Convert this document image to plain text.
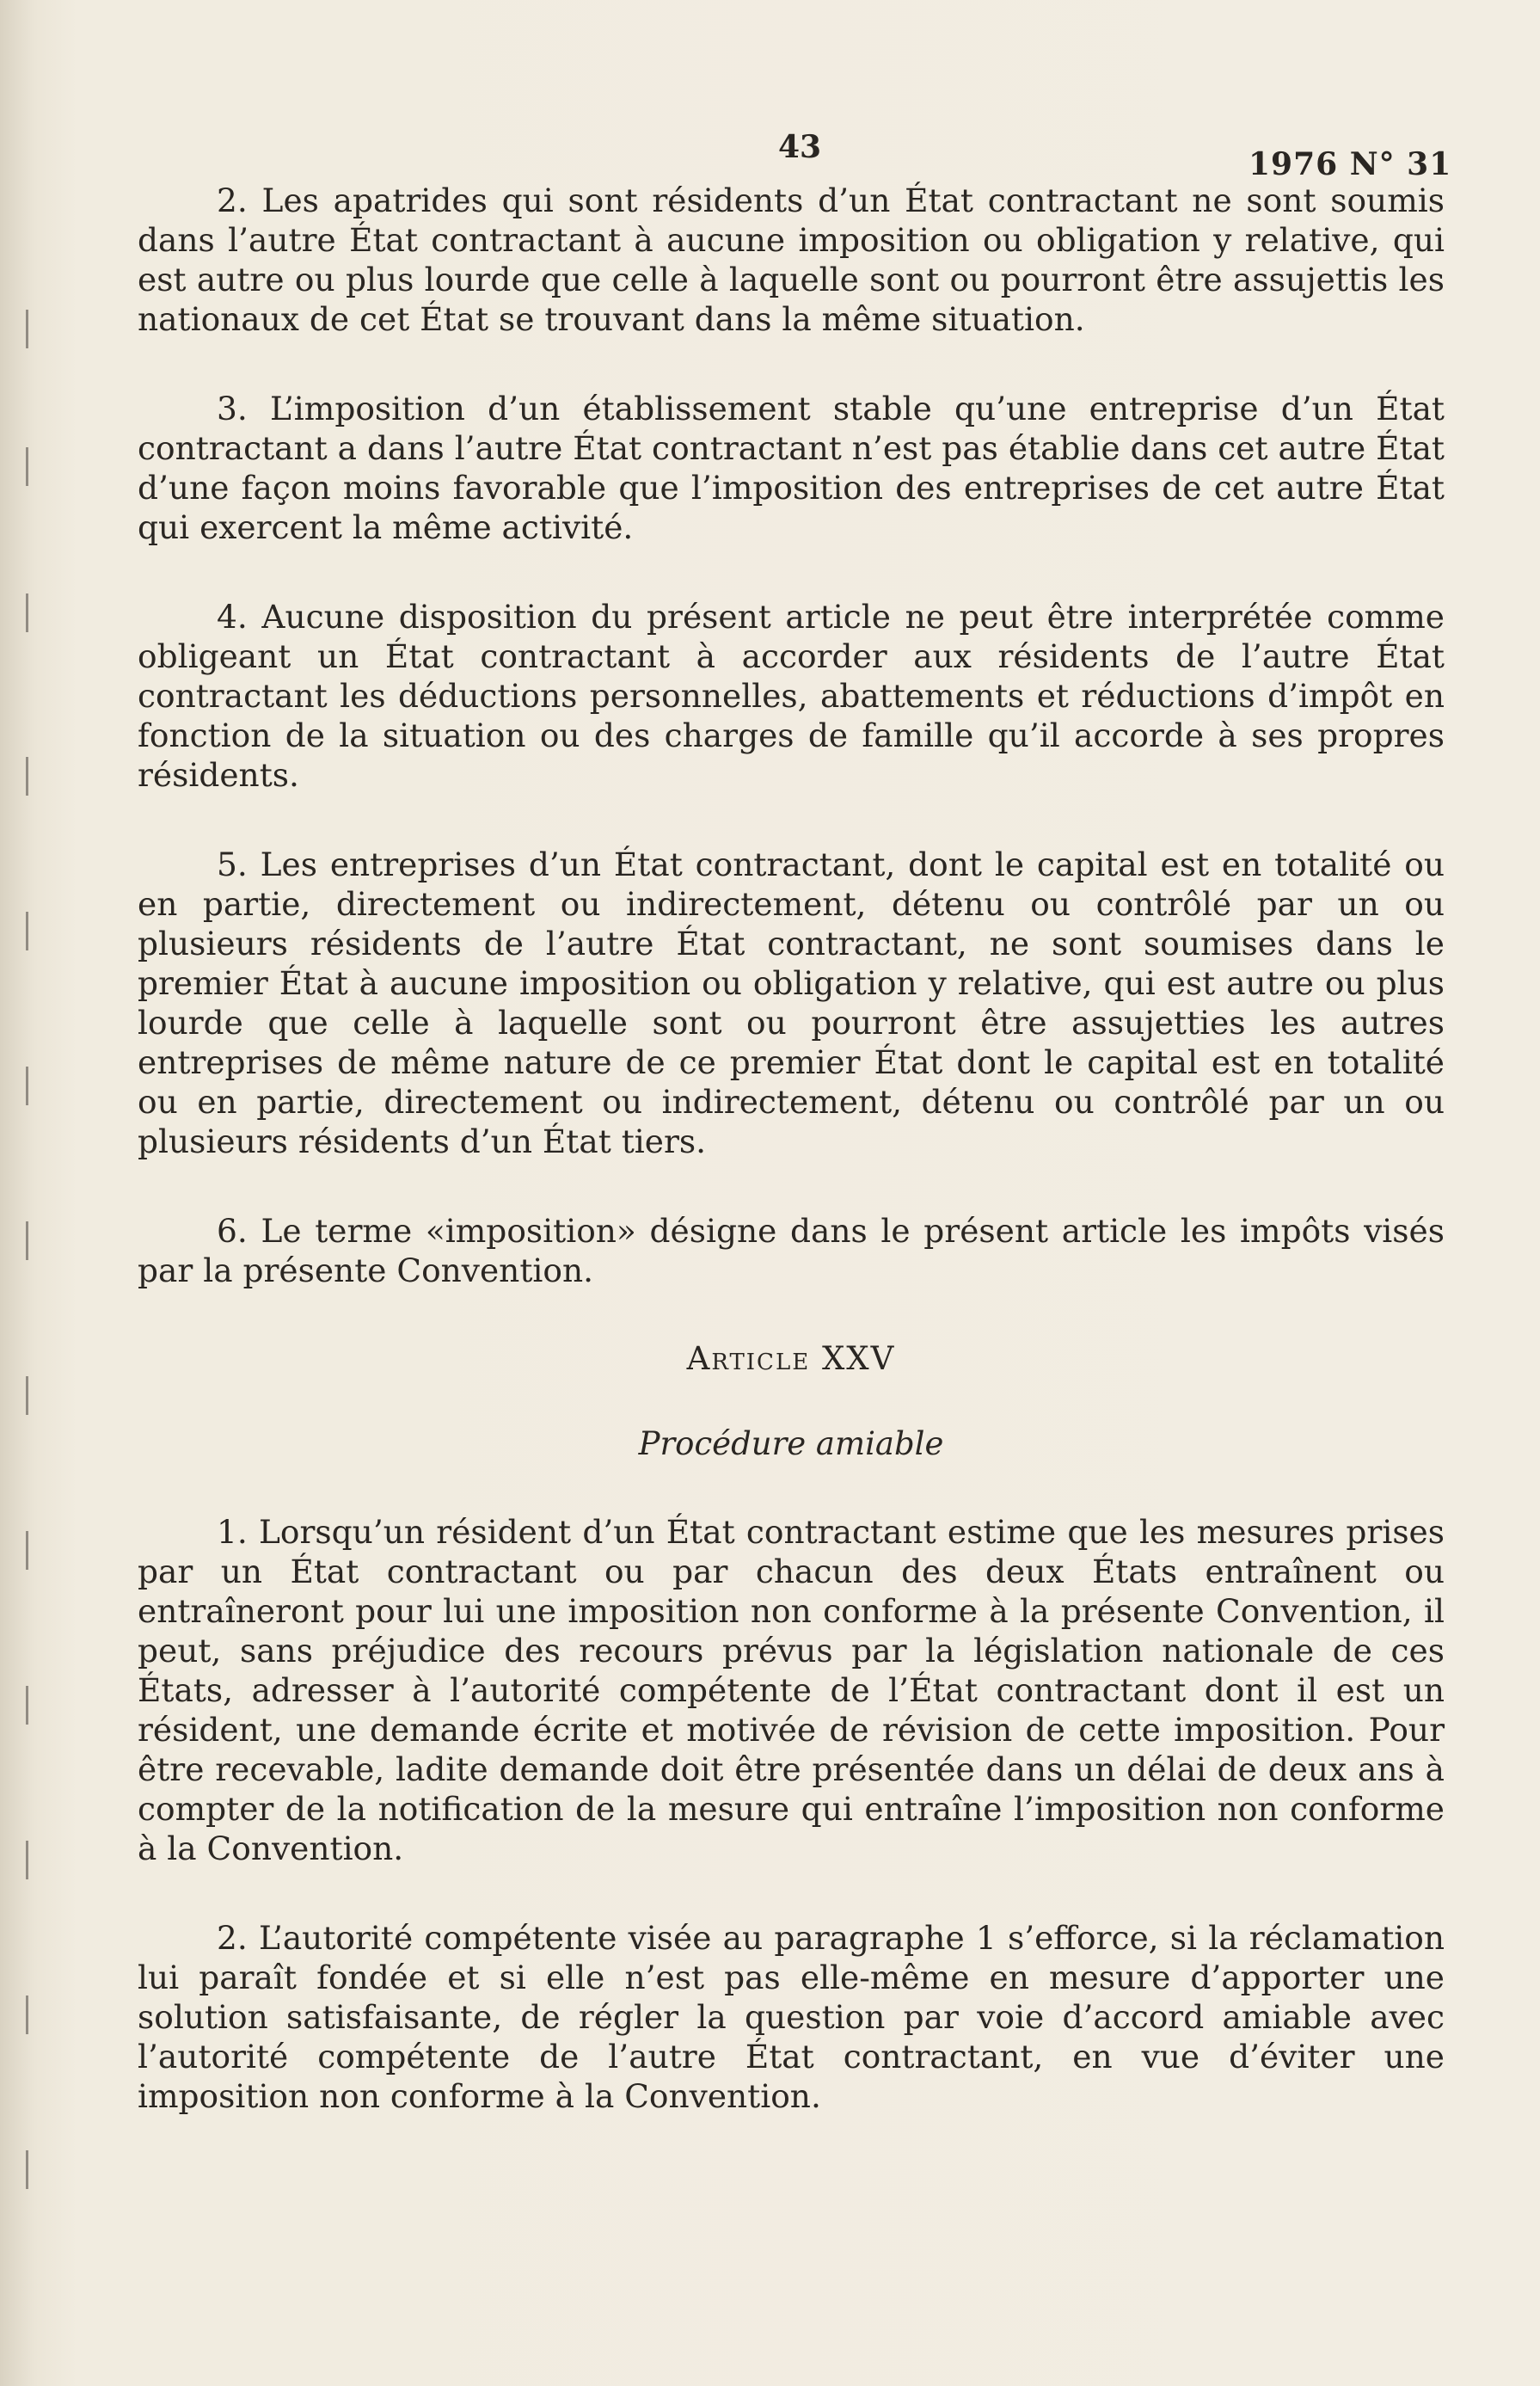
43	1976 N° 31

2. Les apatrides qui sont résidents d’un État contractant ne sont soumis dans l’autre État contractant à aucune imposition ou obligation y relative, qui est autre ou plus lourde que celle à laquelle sont ou pourront être assujettis les nationaux de cet État se trouvant dans la même situation.

3. L’imposition d’un établissement stable qu’une entreprise d’un État contractant a dans l’autre État contractant n’est pas établie dans cet autre État d’une façon moins favorable que l’imposition des entreprises de cet autre État qui exercent la même activité.

4. Aucune disposition du présent article ne peut être interprétée comme obligeant un État contractant à accorder aux résidents de l’autre État contractant les déductions personnelles, abattements et réductions d’impôt en fonction de la situation ou des charges de famille qu’il accorde à ses propres résidents.

5. Les entreprises d’un État contractant, dont le capital est en totalité ou en partie, directement ou indirectement, détenu ou contrôlé par un ou plusieurs résidents de l’autre État contractant, ne sont soumises dans le premier État à aucune imposition ou obligation y relative, qui est autre ou plus lourde que celle à laquelle sont ou pourront être assujetties les autres entreprises de même nature de ce premier État dont le capital est en totalité ou en partie, directement ou indirectement, détenu ou contrôlé par un ou plusieurs résidents d’un État tiers.

6. Le terme «imposition» désigne dans le présent article les impôts visés par la présente Convention.

Article XXV
Procédure amiable

1. Lorsqu’un résident d’un État contractant estime que les mesures prises par un État contractant ou par chacun des deux États entraînent ou entraîneront pour lui une imposition non conforme à la présente Convention, il peut, sans préjudice des recours prévus par la législation nationale de ces États, adresser à l’autorité compétente de l’État contractant dont il est un résident, une demande écrite et motivée de révision de cette imposition. Pour être recevable, ladite demande doit être présentée dans un délai de deux ans à compter de la notification de la mesure qui entraîne l’imposition non conforme à la Convention.

2. L’autorité compétente visée au paragraphe 1 s’efforce, si la réclamation lui paraît fondée et si elle n’est pas elle-même en mesure d’apporter une solution satisfaisante, de régler la question par voie d’accord amiable avec l’autorité compétente de l’autre État contractant, en vue d’éviter une imposition non conforme à la Convention.
